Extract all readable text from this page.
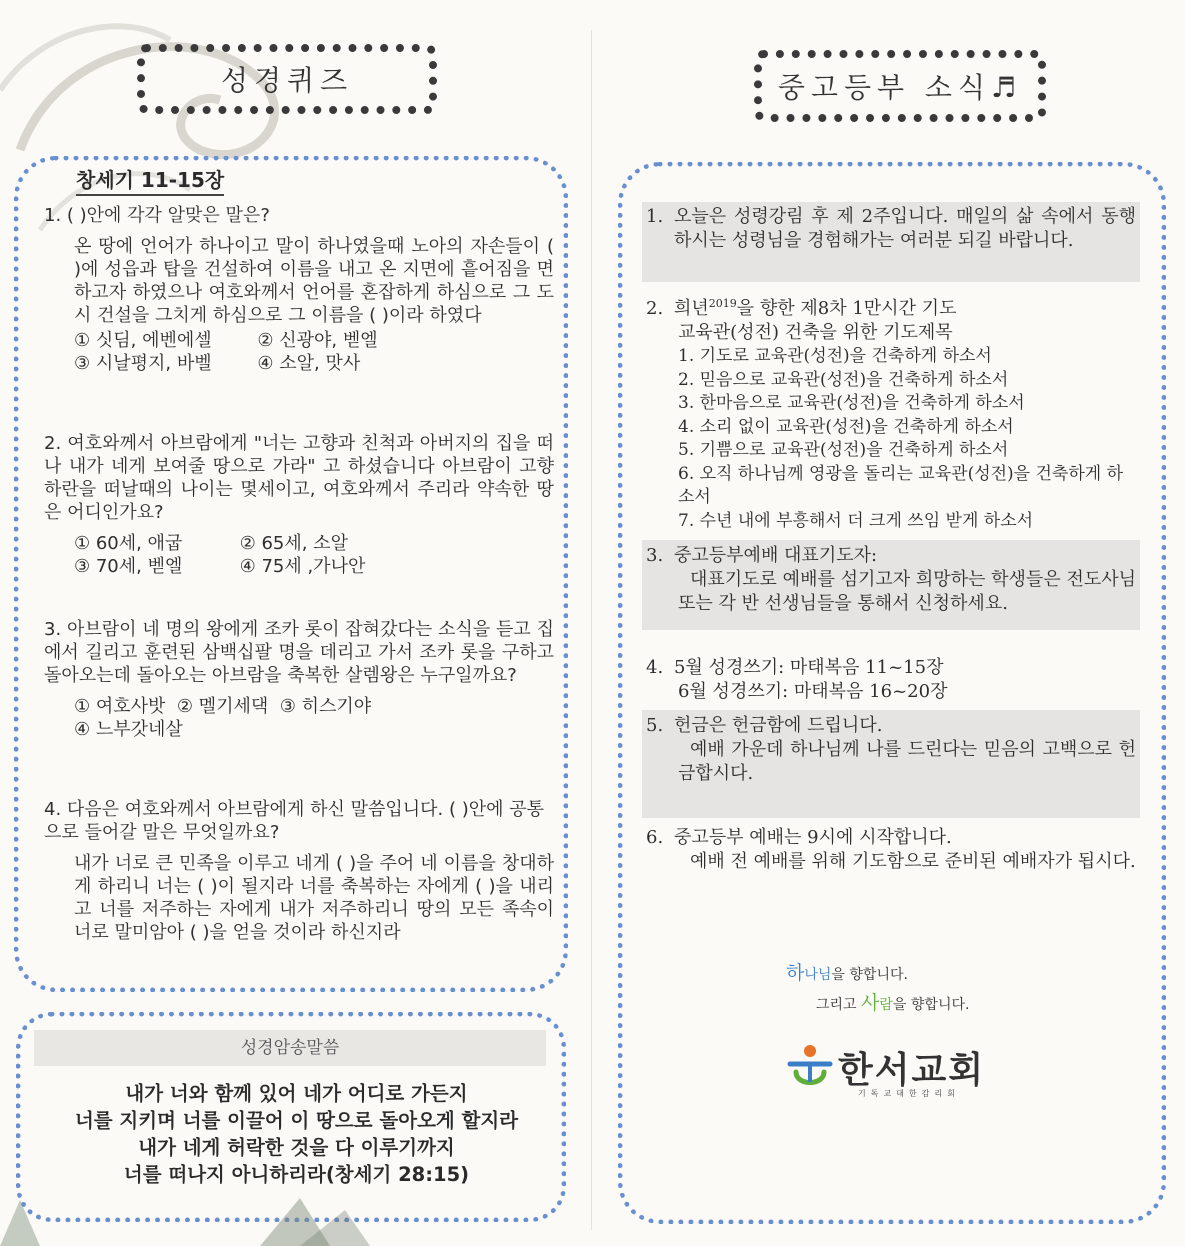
성경퀴즈
창세기 11-15장
1. ( )안에 각각 알맞은 말은?
온 땅에 언어가 하나이고 말이 하나였을때 노아의 자손들이 ( )에 성읍과 탑을 건설하여 이름을 내고 온 지면에 흩어짐을 면하고자 하였으나 여호와께서 언어를 혼잡하게 하심으로 그 도시 건설을 그치게 하심으로 그 이름을 ( )이라 하였다
① 싯딤, 에벤에셀        ② 신광야, 벧엘
③ 시날평지, 바벨        ④ 소알, 맛사
2. 여호와께서 아브람에게 "너는 고향과 친척과 아버지의 집을 떠나 내가 네게 보여줄 땅으로 가라" 고 하셨습니다 아브람이 고향 하란을 떠날때의 나이는 몇세이고, 여호와께서 주리라 약속한 땅은 어디인가요?
① 60세, 애굽          ② 65세, 소알
③ 70세, 벧엘          ④ 75세 ,가나안
3. 아브람이 네 명의 왕에게 조카 롯이 잡혀갔다는 소식을 듣고 집에서 길리고 훈련된 삼백십팔 명을 데리고 가서 조카 롯을 구하고 돌아오는데 돌아오는 아브람을 축복한 살렘왕은 누구일까요?
① 여호사밧  ② 멜기세댁  ③ 히스기야
④ 느부갓네살
4. 다음은 여호와께서 아브람에게 하신 말씀입니다. ( )안에 공통으로 들어갈 말은 무엇일까요?
내가 너로 큰 민족을 이루고 네게 ( )을 주어 네 이름을 창대하게 하리니 너는 ( )이 될지라 너를 축복하는 자에게 ( )을 내리고 너를 저주하는 자에게 내가 저주하리니 땅의 모든 족속이 너로 말미암아 ( )을 얻을 것이라 하신지라
성경암송말씀
내가 너와 함께 있어 네가 어디로 가든지
너를 지키며 너를 이끌어 이 땅으로 돌아오게 할지라
내가 네게 허락한 것을 다 이루기까지
너를 떠나지 아니하리라(창세기 28:15)
중고등부 소식♬
1. 오늘은 성령강림 후 제 2주입니다. 매일의 삶 속에서 동행하시는 성령님을 경험해가는 여러분 되길 바랍니다.
2. 희년$^{2019}$을 향한 제8차 1만시간 기도
교육관(성전) 건축을 위한 기도제목
1. 기도로 교육관(성전)을 건축하게 하소서
2. 믿음으로 교육관(성전)을 건축하게 하소서
3. 한마음으로 교육관(성전)을 건축하게 하소서
4. 소리 없이 교육관(성전)을 건축하게 하소서
5. 기쁨으로 교육관(성전)을 건축하게 하소서
6. 오직 하나님께 영광을 돌리는 교육관(성전)을 건축하게 하소서
7. 수년 내에 부흥해서 더 크게 쓰임 받게 하소서
3. 중고등부예배 대표기도자:
대표기도로 예배를 섬기고자 희망하는 학생들은 전도사님 또는 각 반 선생님들을 통해서 신청하세요.
4. 5월 성경쓰기: 마태복음 11~15장
6월 성경쓰기: 마태복음 16~20장
5. 헌금은 헌금함에 드립니다.
예배 가운데 하나님께 나를 드린다는 믿음의 고백으로 헌금합시다.
6. 중고등부 예배는 9시에 시작합니다.
예배 전 예배를 위해 기도함으로 준비된 예배자가 됩시다.
하나님을 향합니다.
그리고 사람을 향합니다.
한서교회
기독교대한감리회
